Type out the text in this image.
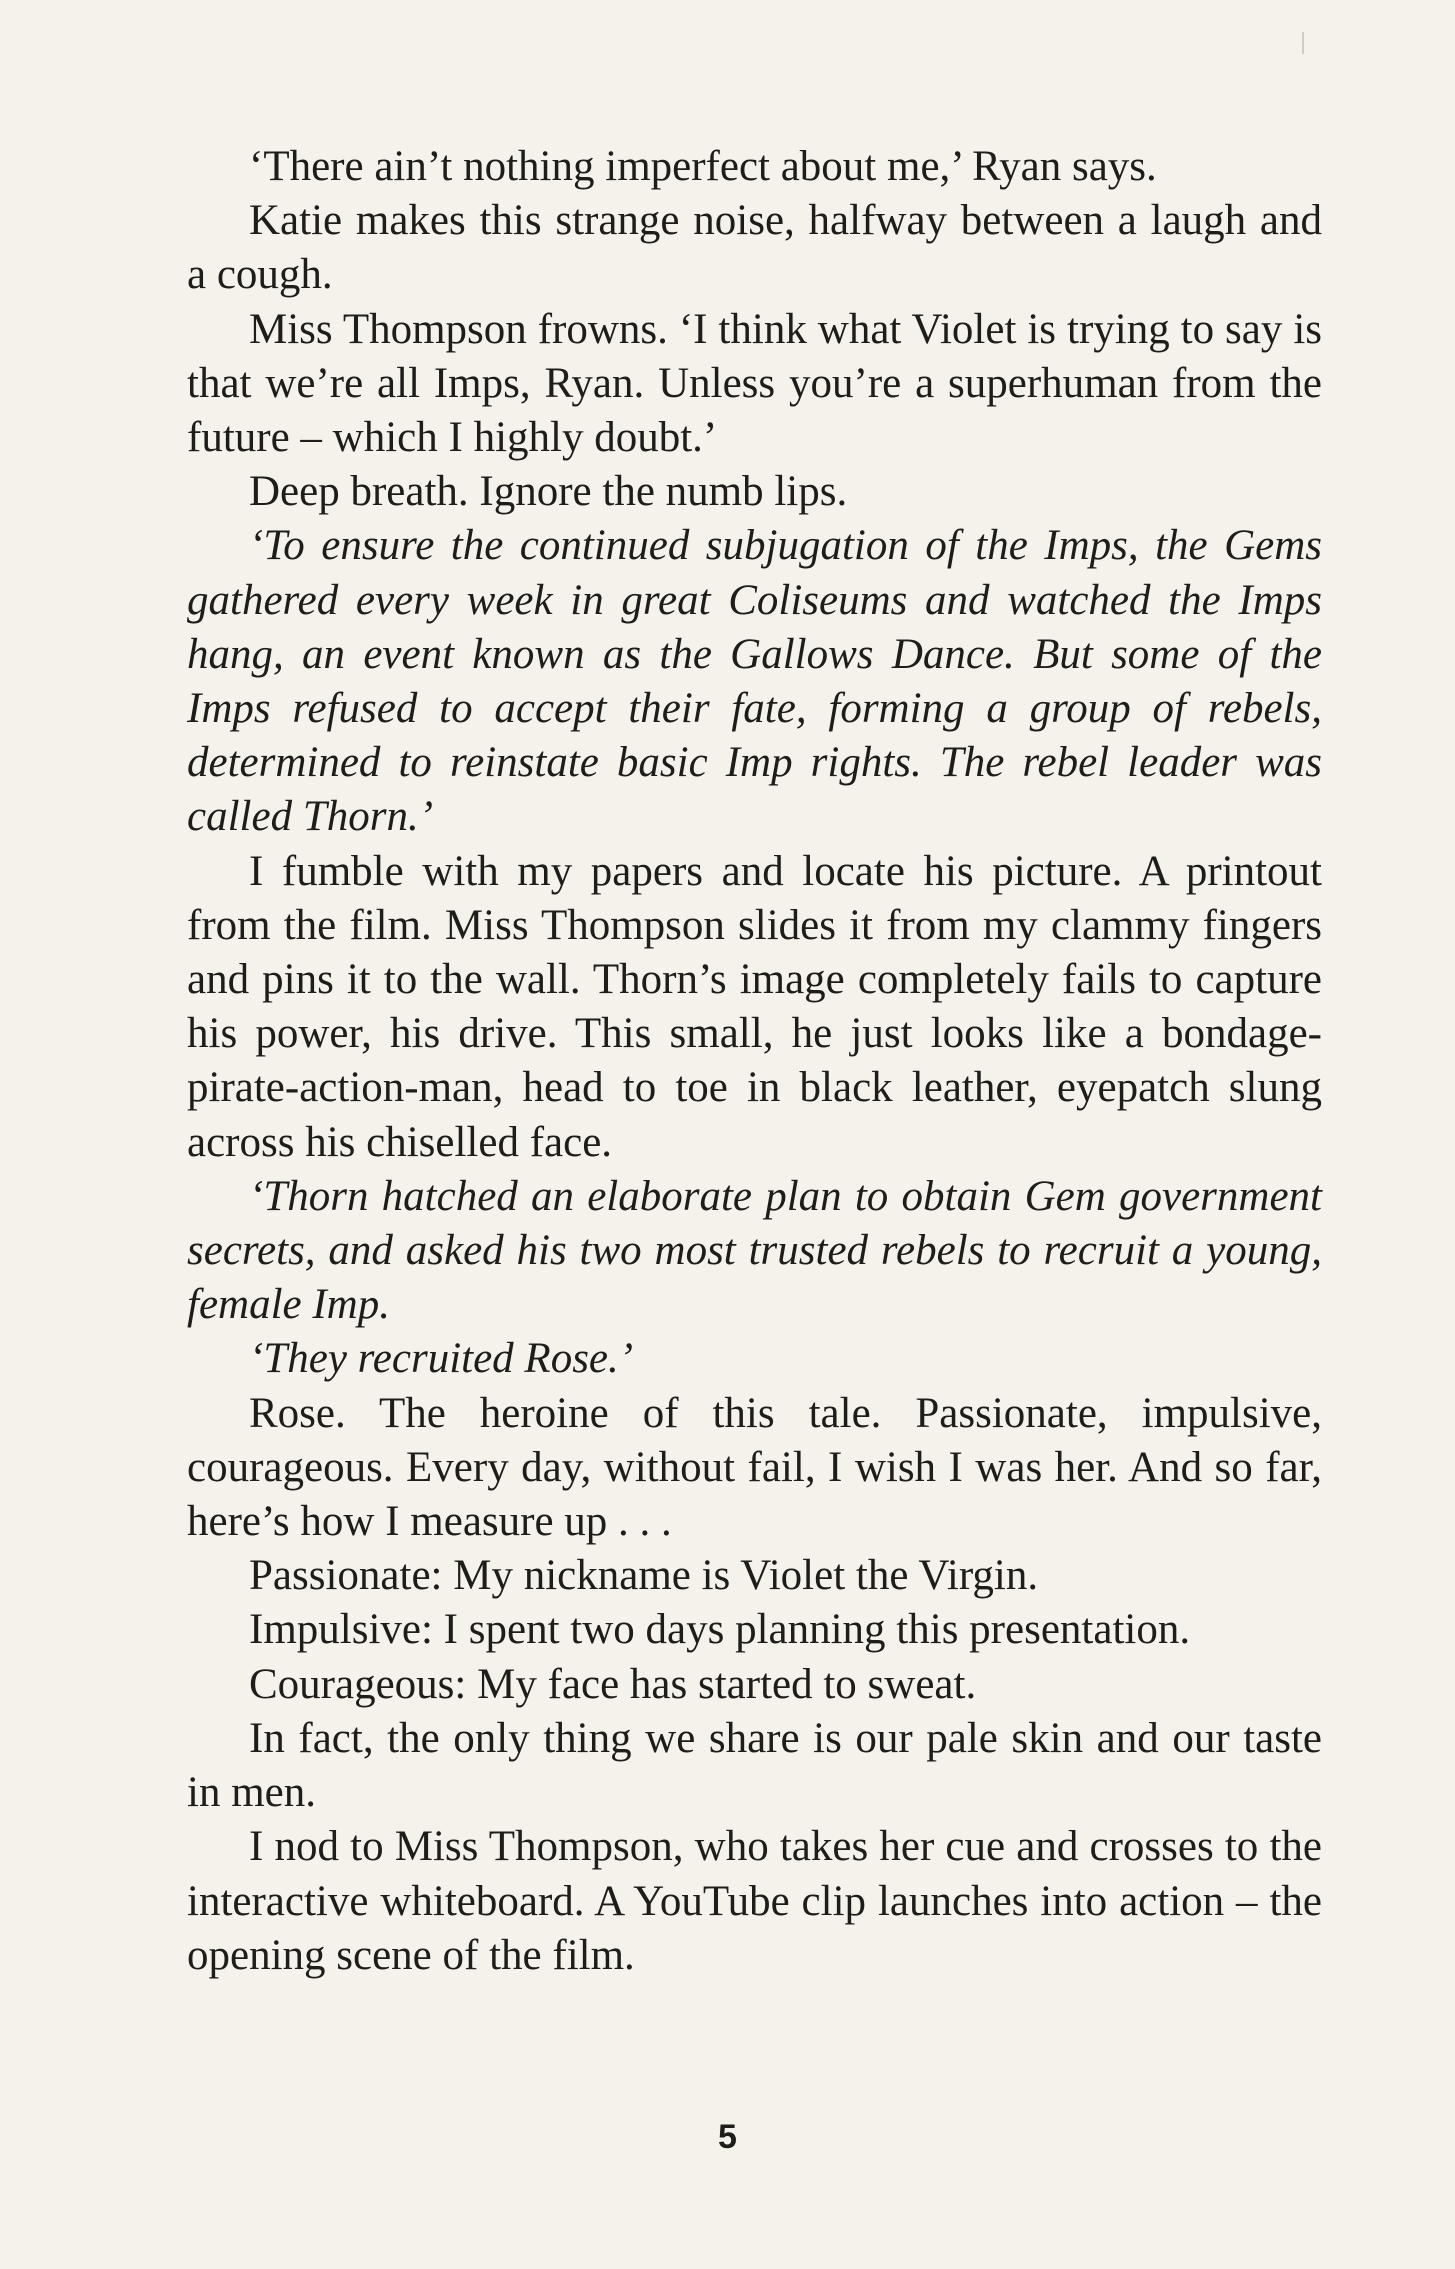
‘There ain’t nothing imperfect about me,’ Ryan says.

Katie makes this strange noise, halfway between a laugh and a cough.

Miss Thompson frowns. ‘I think what Violet is trying to say is that we’re all Imps, Ryan. Unless you’re a superhuman from the future – which I highly doubt.’

Deep breath. Ignore the numb lips.

‘To ensure the continued subjugation of the Imps, the Gems gathered every week in great Coliseums and watched the Imps hang, an event known as the Gallows Dance. But some of the Imps refused to accept their fate, forming a group of rebels, determined to reinstate basic Imp rights. The rebel leader was called Thorn.’

I fumble with my papers and locate his picture. A printout from the film. Miss Thompson slides it from my clammy fingers and pins it to the wall. Thorn’s image completely fails to capture his power, his drive. This small, he just looks like a bondage-pirate-action-man, head to toe in black leather, eyepatch slung across his chiselled face.

‘Thorn hatched an elaborate plan to obtain Gem government secrets, and asked his two most trusted rebels to recruit a young, female Imp.

‘They recruited Rose.’

Rose. The heroine of this tale. Passionate, impulsive, courageous. Every day, without fail, I wish I was her. And so far, here’s how I measure up . . .

Passionate: My nickname is Violet the Virgin.

Impulsive: I spent two days planning this presentation.

Courageous: My face has started to sweat.

In fact, the only thing we share is our pale skin and our taste in men.

I nod to Miss Thompson, who takes her cue and crosses to the interactive whiteboard. A YouTube clip launches into action – the opening scene of the film.

5
